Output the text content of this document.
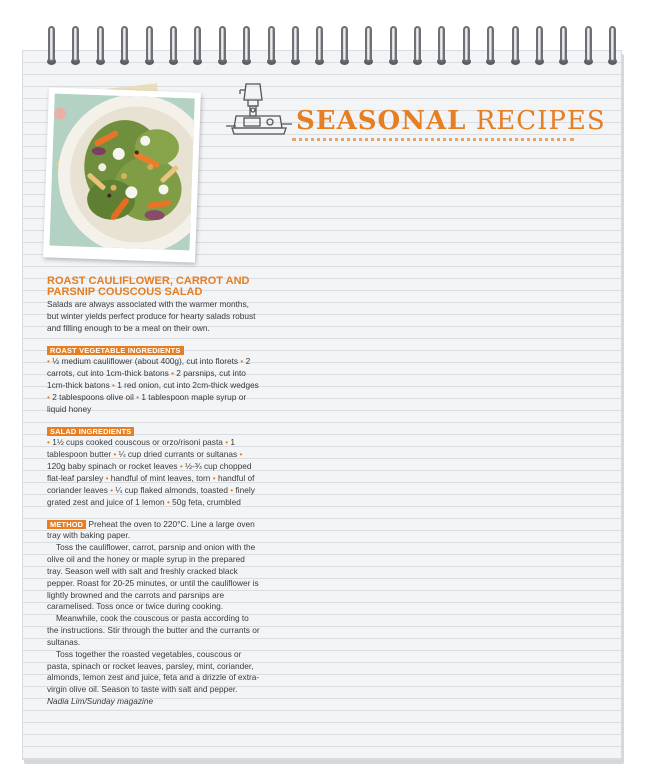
SEASONAL RECIPES
ROAST CAULIFLOWER, CARROT AND PARSNIP COUSCOUS SALAD

Salads are always associated with the warmer months, but winter yields perfect produce for hearty salads robust and filling enough to be a meal on their own.

ROAST VEGETABLE INGREDIENTS

• ½ medium cauliflower (about 400g), cut into florets • 2 carrots, cut into 1cm-thick batons • 2 parsnips, cut into 1cm-thick batons • 1 red onion, cut into 2cm-thick wedges • 2 tablespoons olive oil • 1 tablespoon maple syrup or liquid honey

SALAD INGREDIENTS

• 1½ cups cooked couscous or orzo/risoni pasta • 1 tablespoon butter • ¼ cup dried currants or sultanas • 120g baby spinach or rocket leaves • ½-¾ cup chopped flat-leaf parsley • handful of mint leaves, torn • handful of coriander leaves • ¼ cup flaked almonds, toasted • finely grated zest and juice of 1 lemon • 50g feta, crumbled

METHOD Preheat the oven to 220°C. Line a large oven tray with baking paper.

Toss the cauliflower, carrot, parsnip and onion with the olive oil and the honey or maple syrup in the prepared tray. Season well with salt and freshly cracked black pepper. Roast for 20-25 minutes, or until the cauliflower is lightly browned and the carrots and parsnips are caramelised. Toss once or twice during cooking.

Meanwhile, cook the couscous or pasta according to the instructions. Stir through the butter and the currants or sultanas.

Toss together the roasted vegetables, couscous or pasta, spinach or rocket leaves, parsley, mint, coriander, almonds, lemon zest and juice, feta and a drizzle of extra-virgin olive oil. Season to taste with salt and pepper.

Nadia Lim/Sunday magazine
